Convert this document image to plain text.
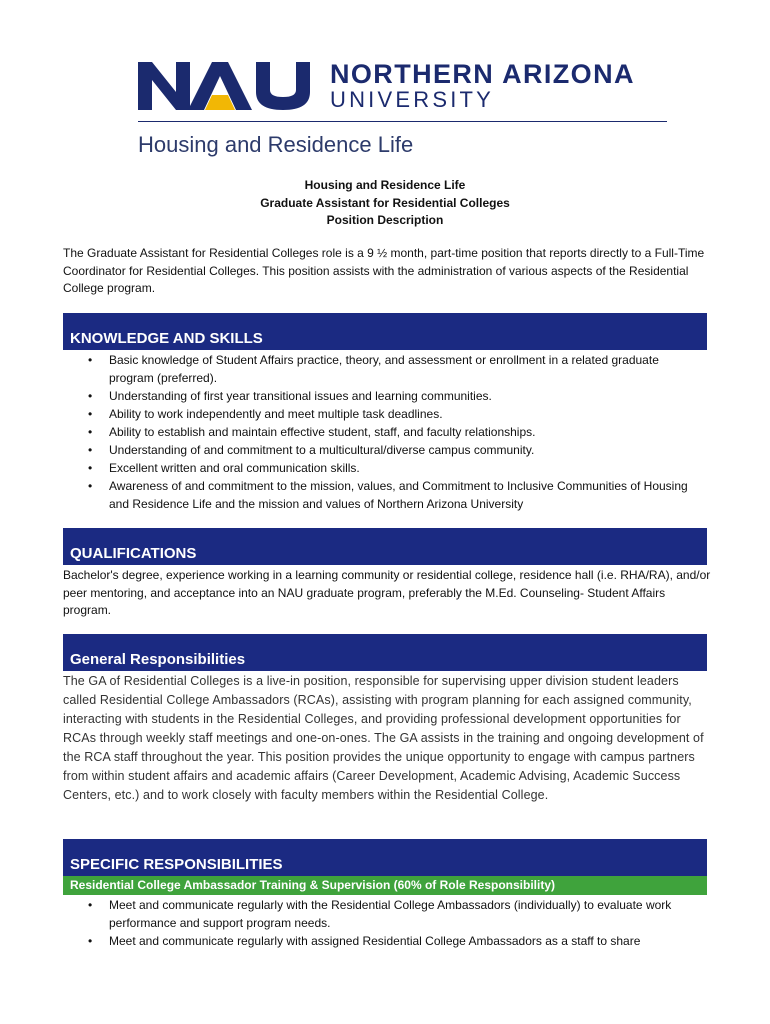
NORTHERN ARIZONA
UNIVERSITY
Housing and Residence Life
Housing and Residence Life
Graduate Assistant for Residential Colleges
Position Description
The Graduate Assistant for Residential Colleges role is a 9 ½ month, part-time position that reports directly to a Full-Time Coordinator for Residential Colleges. This position assists with the administration of various aspects of the Residential College program.
KNOWLEDGE AND SKILLS
• Basic knowledge of Student Affairs practice, theory, and assessment or enrollment in a related graduate program (preferred).
• Understanding of first year transitional issues and learning communities.
• Ability to work independently and meet multiple task deadlines.
• Ability to establish and maintain effective student, staff, and faculty relationships.
• Understanding of and commitment to a multicultural/diverse campus community.
• Excellent written and oral communication skills.
• Awareness of and commitment to the mission, values, and Commitment to Inclusive Communities of Housing and Residence Life and the mission and values of Northern Arizona University
QUALIFICATIONS
Bachelor's degree, experience working in a learning community or residential college, residence hall (i.e. RHA/RA), and/or peer mentoring, and acceptance into an NAU graduate program, preferably the M.Ed. Counseling- Student Affairs program.
General Responsibilities
The GA of Residential Colleges is a live-in position, responsible for supervising upper division student leaders called Residential College Ambassadors (RCAs), assisting with program planning for each assigned community, interacting with students in the Residential Colleges, and providing professional development opportunities for RCAs through weekly staff meetings and one-on-ones. The GA assists in the training and ongoing development of the RCA staff throughout the year. This position provides the unique opportunity to engage with campus partners from within student affairs and academic affairs (Career Development, Academic Advising, Academic Success Centers, etc.) and to work closely with faculty members within the Residential College.
SPECIFIC RESPONSIBILITIES
Residential College Ambassador Training & Supervision (60% of Role Responsibility)
• Meet and communicate regularly with the Residential College Ambassadors (individually) to evaluate work performance and support program needs.
• Meet and communicate regularly with assigned Residential College Ambassadors as a staff to share
